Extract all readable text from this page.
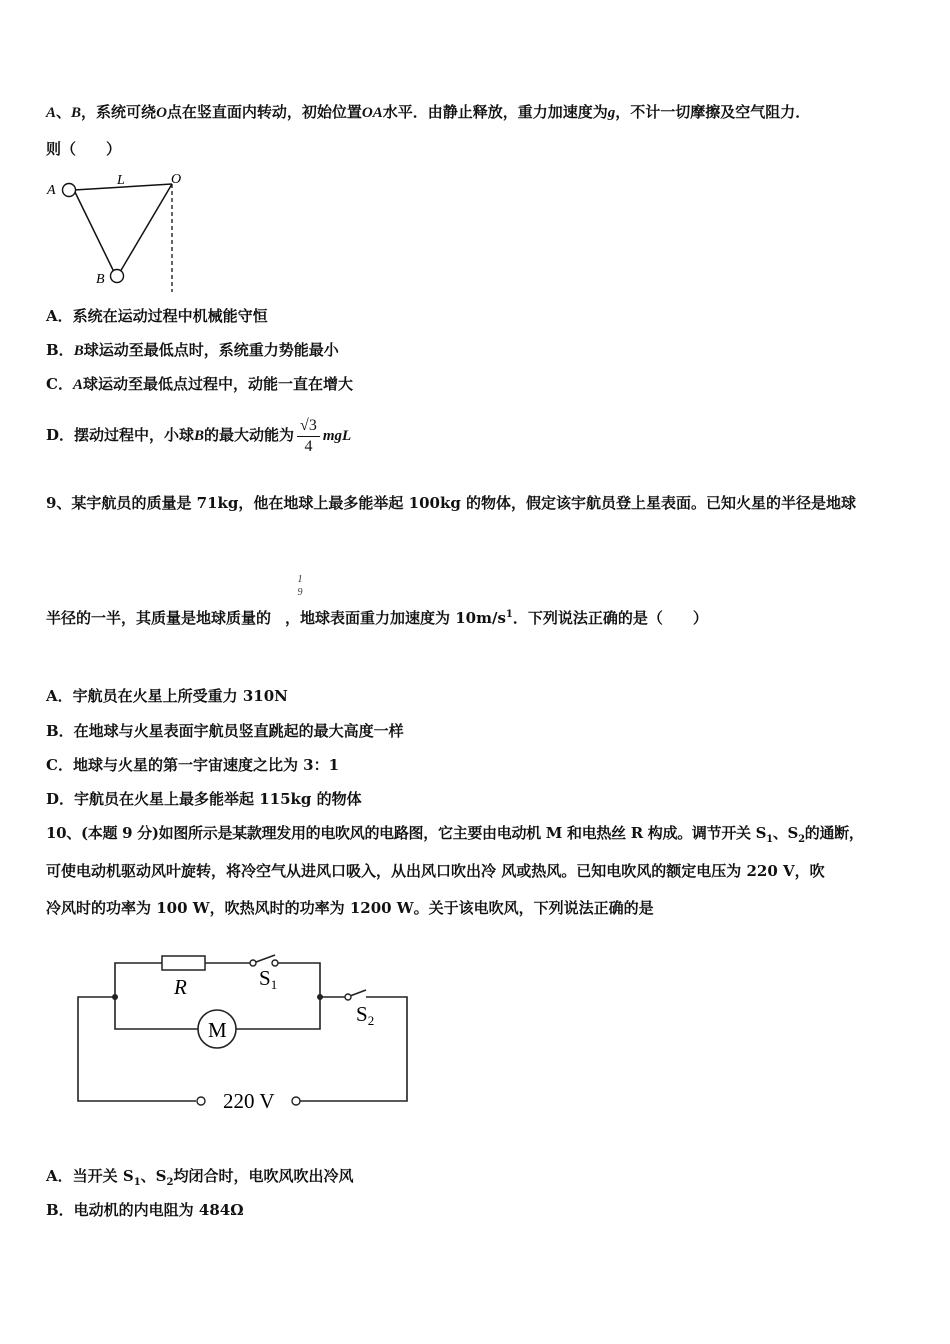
A、B，系统可绕O点在竖直面内转动，初始位置OA水平．由静止释放，重力加速度为g，不计一切摩擦及空气阻力．
则（　　）
A
L	O
B
A．系统在运动过程中机械能守恒
B．B球运动至最低点时，系统重力势能最小
C．A球运动至最低点过程中，动能一直在增大
D．摆动过程中，小球B的最大动能为 $\frac{√3}{4}$ mgL
9、某宇航员的质量是 71kg，他在地球上最多能举起 100kg 的物体，假定该宇航员登上星表面。已知火星的半径是地球
1
9
半径的一半，其质量是地球质量的 ，地球表面重力加速度为 $10m/s^1$．下列说法正确的是（　　）
A．宇航员在火星上所受重力 310N
B．在地球与火星表面宇航员竖直跳起的最大高度一样
C．地球与火星的第一宇宙速度之比为 3：1
D．宇航员在火星上最多能举起 115kg 的物体
10、(本题 9 分)如图所示是某款理发用的电吹风的电路图，它主要由电动机 M 和电热丝 R 构成。调节开关 $S_1$、$S_2$的通断，
可使电动机驱动风叶旋转，将冷空气从进风口吸入，从出风口吹出冷 风或热风。已知电吹风的额定电压为 220 V，吹
冷风时的功率为 100 W，吹热风时的功率为 1200 W。关于该电吹风，下列说法正确的是
M
220 V
R	S1
S2
A．当开关 $S_1$、$S_2$均闭合时，电吹风吹出冷风
B．电动机的内电阻为 484Ω
